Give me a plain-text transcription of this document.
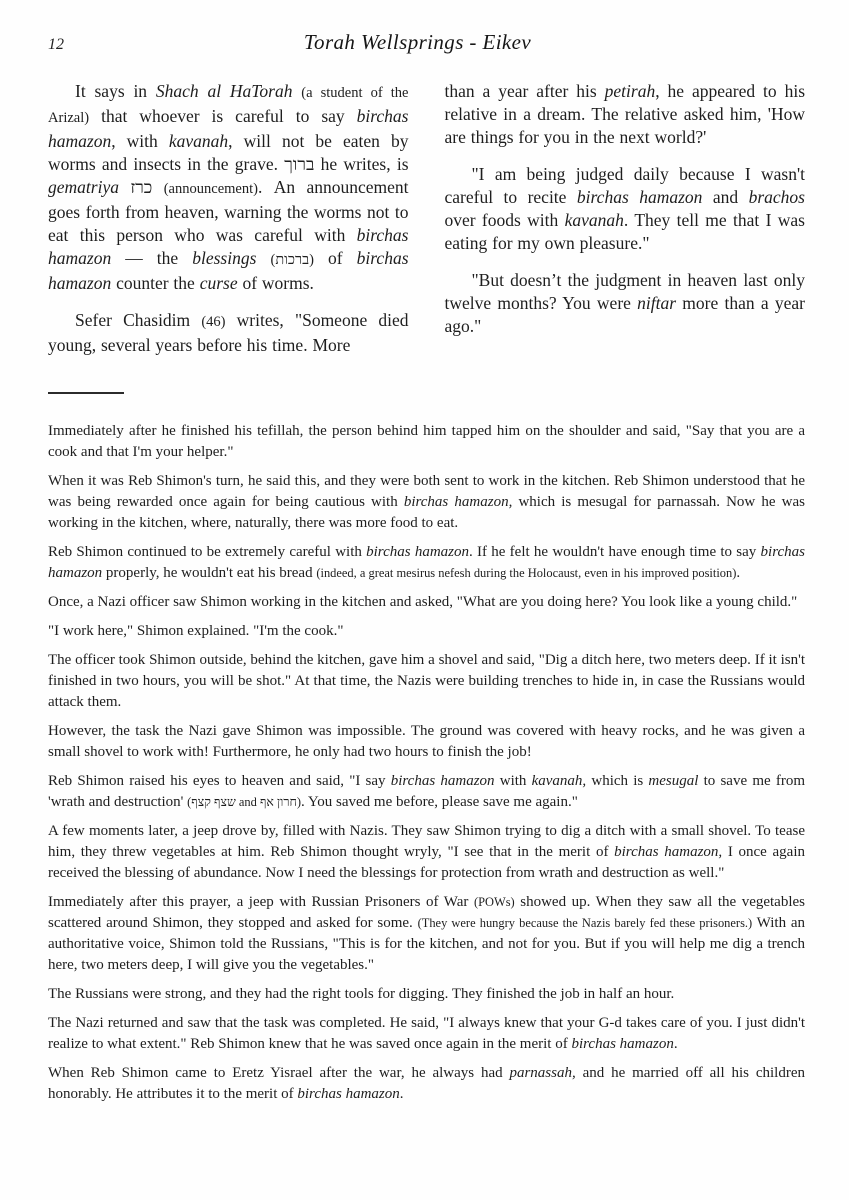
12	Torah Wellsprings - Eikev

It says in Shach al HaTorah (a student of the Arizal) that whoever is careful to say birchas hamazon, with kavanah, will not be eaten by worms and insects in the grave. ברוך he writes, is gematriya כרז (announcement). An announcement goes forth from heaven, warning the worms not to eat this person who was careful with birchas hamazon — the blessings (ברכות) of birchas hamazon counter the curse of worms.

Sefer Chasidim (46) writes, "Someone died young, several years before his time. More

than a year after his petirah, he appeared to his relative in a dream. The relative asked him, 'How are things for you in the next world?'

"I am being judged daily because I wasn't careful to recite birchas hamazon and brachos over foods with kavanah. They tell me that I was eating for my own pleasure."

"But doesn’t the judgment in heaven last only twelve months? You were niftar more than a year ago."

Immediately after he finished his tefillah, the person behind him tapped him on the shoulder and said, "Say that you are a cook and that I'm your helper."

When it was Reb Shimon's turn, he said this, and they were both sent to work in the kitchen. Reb Shimon understood that he was being rewarded once again for being cautious with birchas hamazon, which is mesugal for parnassah. Now he was working in the kitchen, where, naturally, there was more food to eat.

Reb Shimon continued to be extremely careful with birchas hamazon. If he felt he wouldn't have enough time to say birchas hamazon properly, he wouldn't eat his bread (indeed, a great mesirus nefesh during the Holocaust, even in his improved position).

Once, a Nazi officer saw Shimon working in the kitchen and asked, "What are you doing here? You look like a young child."

"I work here," Shimon explained. "I'm the cook."

The officer took Shimon outside, behind the kitchen, gave him a shovel and said, "Dig a ditch here, two meters deep. If it isn't finished in two hours, you will be shot." At that time, the Nazis were building trenches to hide in, in case the Russians would attack them.

However, the task the Nazi gave Shimon was impossible. The ground was covered with heavy rocks, and he was given a small shovel to work with! Furthermore, he only had two hours to finish the job!

Reb Shimon raised his eyes to heaven and said, "I say birchas hamazon with kavanah, which is mesugal to save me from 'wrath and destruction' (שצף קצף and חרון אף). You saved me before, please save me again."

A few moments later, a jeep drove by, filled with Nazis. They saw Shimon trying to dig a ditch with a small shovel. To tease him, they threw vegetables at him. Reb Shimon thought wryly, "I see that in the merit of birchas hamazon, I once again received the blessing of abundance. Now I need the blessings for protection from wrath and destruction as well."

Immediately after this prayer, a jeep with Russian Prisoners of War (POWs) showed up. When they saw all the vegetables scattered around Shimon, they stopped and asked for some. (They were hungry because the Nazis barely fed these prisoners.) With an authoritative voice, Shimon told the Russians, "This is for the kitchen, and not for you. But if you will help me dig a trench here, two meters deep, I will give you the vegetables."

The Russians were strong, and they had the right tools for digging. They finished the job in half an hour.

The Nazi returned and saw that the task was completed. He said, "I always knew that your G-d takes care of you. I just didn't realize to what extent." Reb Shimon knew that he was saved once again in the merit of birchas hamazon.

When Reb Shimon came to Eretz Yisrael after the war, he always had parnassah, and he married off all his children honorably. He attributes it to the merit of birchas hamazon.
